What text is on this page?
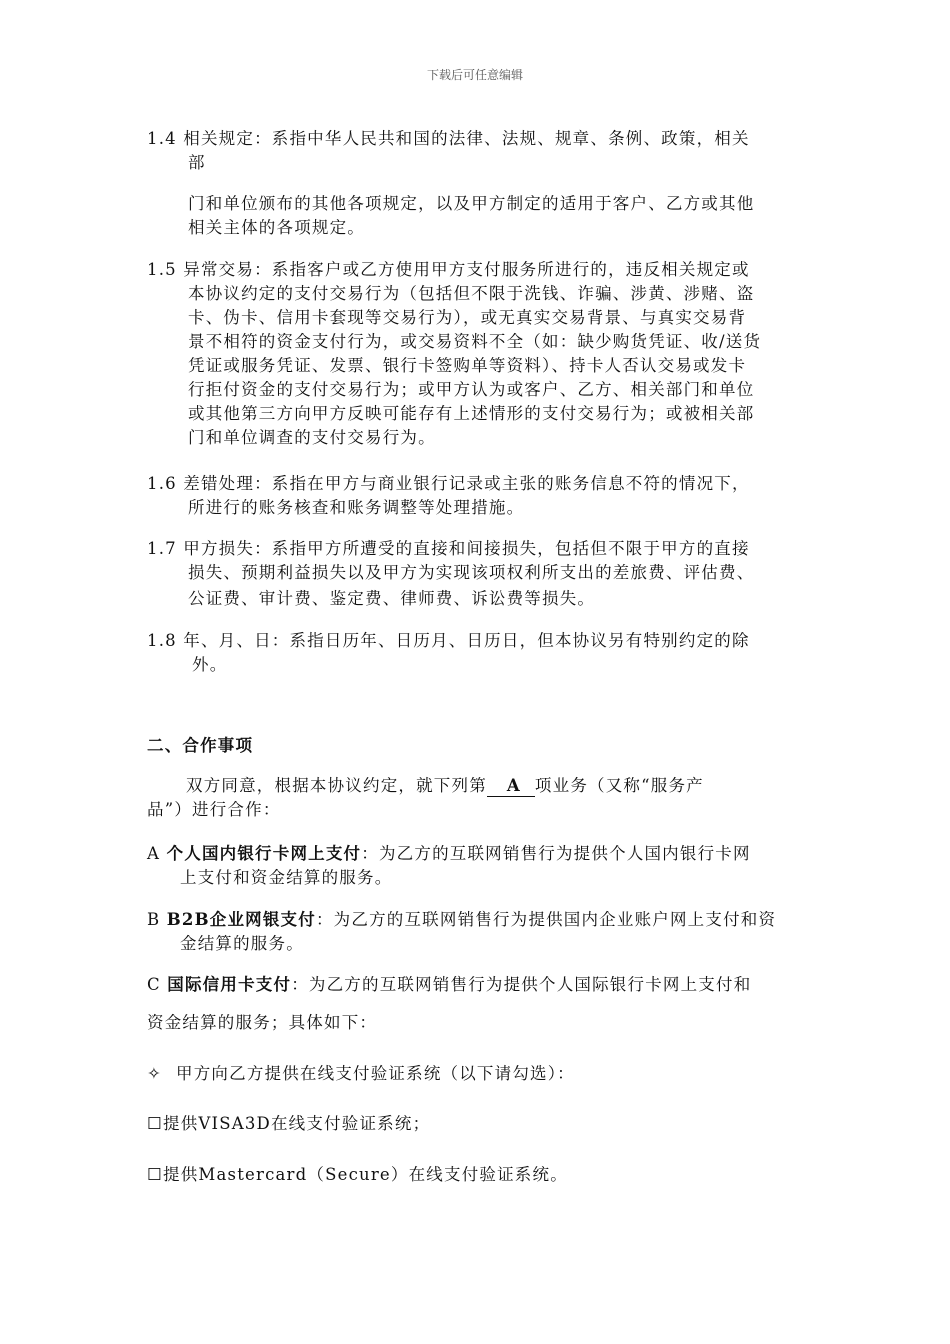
下载后可任意编辑
1.4 相关规定：系指中华人民共和国的法律、法规、规章、条例、政策，相关
部
门和单位颁布的其他各项规定，以及甲方制定的适用于客户、乙方或其他
相关主体的各项规定。
1.5 异常交易：系指客户或乙方使用甲方支付服务所进行的，违反相关规定或
本协议约定的支付交易行为（包括但不限于洗钱、诈骗、涉黄、涉赌、盗
卡、伪卡、信用卡套现等交易行为），或无真实交易背景、与真实交易背
景不相符的资金支付行为，或交易资料不全（如：缺少购货凭证、收/送货
凭证或服务凭证、发票、银行卡签购单等资料）、持卡人否认交易或发卡
行拒付资金的支付交易行为；或甲方认为或客户、乙方、相关部门和单位
或其他第三方向甲方反映可能存有上述情形的支付交易行为；或被相关部
门和单位调查的支付交易行为。
1.6 差错处理：系指在甲方与商业银行记录或主张的账务信息不符的情况下，
所进行的账务核查和账务调整等处理措施。
1.7 甲方损失：系指甲方所遭受的直接和间接损失，包括但不限于甲方的直接
损失、预期利益损失以及甲方为实现该项权利所支出的差旅费、评估费、
公证费、审计费、鉴定费、律师费、诉讼费等损失。
1.8 年、月、日：系指日历年、日历月、日历日，但本协议另有特别约定的除
外。
二、合作事项
双方同意，根据本协议约定，就下列第 A 项业务（又称“服务产
品”）进行合作：
A 个人国内银行卡网上支付：为乙方的互联网销售行为提供个人国内银行卡网
上支付和资金结算的服务。
B B2B企业网银支付：为乙方的互联网销售行为提供国内企业账户网上支付和资
金结算的服务。
C 国际信用卡支付：为乙方的互联网销售行为提供个人国际银行卡网上支付和
资金结算的服务；具体如下：
✧ 甲方向乙方提供在线支付验证系统（以下请勾选）：
☐提供VISA3D在线支付验证系统；
☐提供Mastercard（Secure）在线支付验证系统。
